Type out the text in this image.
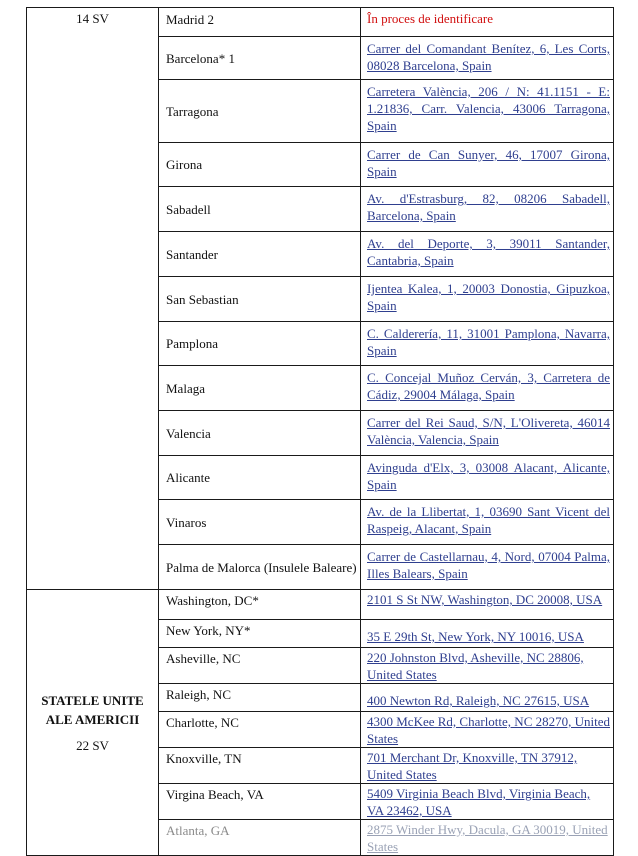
14 SV	Madrid 2	În proces de identificare

	Barcelona* 1	Carrer del Comandant Benítez, 6, Les Corts, 08028 Barcelona, Spain

	Tarragona	Carretera València, 206 / N: 41.1151 - E: 1.21836, Carr. Valencia, 43006 Tarragona, Spain

	Girona	Carrer de Can Sunyer, 46, 17007 Girona, Spain

	Sabadell	Av. d'Estrasburg, 82, 08206 Sabadell, Barcelona, Spain

	Santander	Av. del Deporte, 3, 39011 Santander, Cantabria, Spain

	San Sebastian	Ijentea Kalea, 1, 20003 Donostia, Gipuzkoa, Spain

	Pamplona	C. Calderería, 11, 31001 Pamplona, Navarra, Spain

	Malaga	C. Concejal Muñoz Cerván, 3, Carretera de Cádiz, 29004 Málaga, Spain

	Valencia	Carrer del Rei Saud, S/N, L'Olivereta, 46014 València, Valencia, Spain

	Alicante	Avinguda d'Elx, 3, 03008 Alacant, Alicante, Spain

	Vinaros	Av. de la Llibertat, 1, 03690 Sant Vicent del Raspeig, Alacant, Spain

	Palma de Malorca (Insulele Baleare)	Carrer de Castellarnau, 4, Nord, 07004 Palma, Illes Balears, Spain

STATELE UNITE
ALE AMERICII
22 SV	Washington, DC*	2101 S St NW, Washington, DC 20008, USA

	New York, NY*	35 E 29th St, New York, NY 10016, USA

	Asheville, NC	220 Johnston Blvd, Asheville, NC 28806, United States

	Raleigh, NC	400 Newton Rd, Raleigh, NC 27615, USA

	Charlotte, NC	4300 McKee Rd, Charlotte, NC 28270, United States

	Knoxville, TN	701 Merchant Dr, Knoxville, TN 37912, United States

	Virgina Beach, VA	5409 Virginia Beach Blvd, Virginia Beach, VA 23462, USA

	Atlanta, GA	2875 Winder Hwy, Dacula, GA 30019, United States
